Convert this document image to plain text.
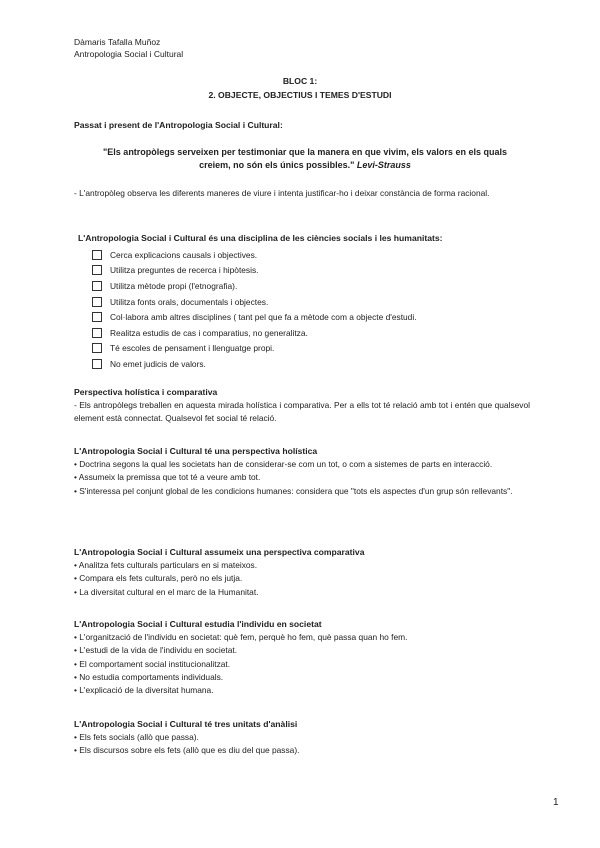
Dàmaris Tafalla Muñoz
Antropologia Social i Cultural
BLOC 1:
2. OBJECTE, OBJECTIUS I TEMES D'ESTUDI
Passat i present de l'Antropologia Social i Cultural:
"Els antropòlegs serveixen per testimoniar que la manera en que vivim, els valors en els quals creiem, no són els únics possibles." Levi-Strauss
- L'antropòleg observa les diferents maneres de viure i intenta justificar-ho i deixar constància de forma racional.
L'Antropologia Social i Cultural és una disciplina de les ciències socials i les humanitats:
Cerca explicacions causals i objectives.
Utilitza preguntes de recerca i hipòtesis.
Utilitza mètode propi (l'etnografia).
Utilitza fonts orals, documentals i objectes.
Col·labora amb altres disciplines ( tant pel que fa a mètode com a objecte d'estudi.
Realitza estudis de cas i comparatius, no generalitza.
Té escoles de pensament i llenguatge propi.
No emet judicis de valors.
Perspectiva holística i comparativa
- Els antropòlegs treballen en aquesta mirada holística i comparativa. Per a ells tot té relació amb tot i entén que qualsevol element està connectat. Qualsevol fet social té relació.
L'Antropologia Social i Cultural té una perspectiva holística
• Doctrina segons la qual les societats han de considerar-se com un tot, o com a sistemes de parts en interacció.
• Assumeix la premissa que tot té a veure amb tot.
• S'interessa pel conjunt global de les condicions humanes: considera que "tots els aspectes d'un grup són rellevants".
L'Antropologia Social i Cultural assumeix una perspectiva comparativa
• Analitza fets culturals particulars en si mateixos.
• Compara els fets culturals, però no els jutja.
• La diversitat cultural en el marc de la Humanitat.
L'Antropologia Social i Cultural estudia l'individu en societat
• L'organització de l'individu en societat: què fem, perquè ho fem, què passa quan ho fem.
• L'estudi de la vida de l'individu en societat.
• El comportament social institucionalitzat.
• No estudia comportaments individuals.
• L'explicació de la diversitat humana.
L'Antropologia Social i Cultural té tres unitats d'anàlisi
• Els fets socials (allò que passa).
• Els discursos sobre els fets (allò que es diu del que passa).
1
